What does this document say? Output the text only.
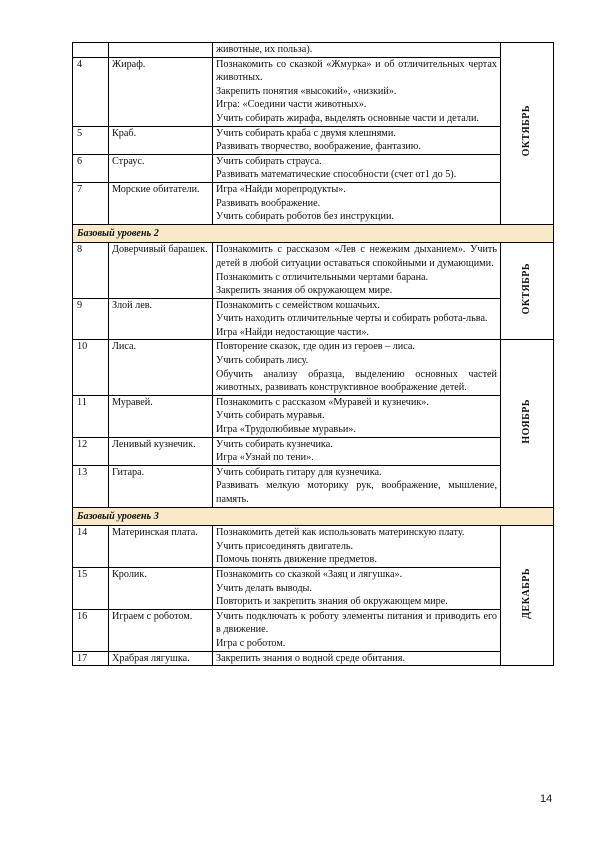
		животные, их польза).	ОКТЯБРЬ
4	Жираф.	Познакомить со сказкой «Жмурка» и об отличительных чертах животных.

Закрепить понятия «высокий», «низкий».

Игра: «Соедини части животных».

Учить собирать жирафа, выделять основные части и детали.	

5	Краб.	Учить собирать краба с двумя клешнями.

Развивать творчество, воображение, фантазию.	

6	Страус.	Учить собирать страуса.

Развивать математические способности (счет от1 до 5).	

7	Морские обитатели.	Игра «Найди морепродукты».

Развивать воображение.

Учить собирать роботов без инструкции.	

Базовый уровень 2			
8	Доверчивый барашек.	Познакомить с рассказом «Лев с нежежим дыханием». Учить детей в любой ситуации оставаться спокойными и думающими.

Познакомить с отличительными чертами барана.

Закрепить знания об окружающем мире.	ОКТЯБРЬ
9	Злой лев.	Познакомить с семейством кошачьих.

Учить находить отличительные черты и собирать робота-льва.

Игра «Найди недостающие части».	

10	Лиса.	Повторение сказок, где один из героев – лиса.

Учить собирать лису.

Обучить анализу образца, выделению основных частей животных, развивать конструктивное воображение детей.	НОЯБРЬ
11	Муравей.	Познакомить с рассказом «Муравей и кузнечик».

Учить собирать муравья.

Игра «Трудолюбивые муравьи».	

12	Ленивый кузнечик.	Учить собирать кузнечика.

Игра «Узнай по тени».	

13	Гитара.	Учить собирать гитару для кузнечика.

Развивать мелкую моторику рук, воображение, мышление, память.	

Базовый уровень 3			
14	Материнская плата.	Познакомить детей как использовать материнскую плату.

Учить присоединять двигатель.

Помочь понять движение предметов.	ДЕКАБРЬ
15	Кролик.	Познакомить со сказкой «Заяц и лягушка».

Учить делать выводы.

Повторить и закрепить знания об окружающем мире.	

16	Играем с роботом.	Учить подключать к роботу элементы питания и приводить его в движение.

Игра с роботом.	

17	Храбрая лягушка.	Закрепить знания о водной среде обитания.	

14
